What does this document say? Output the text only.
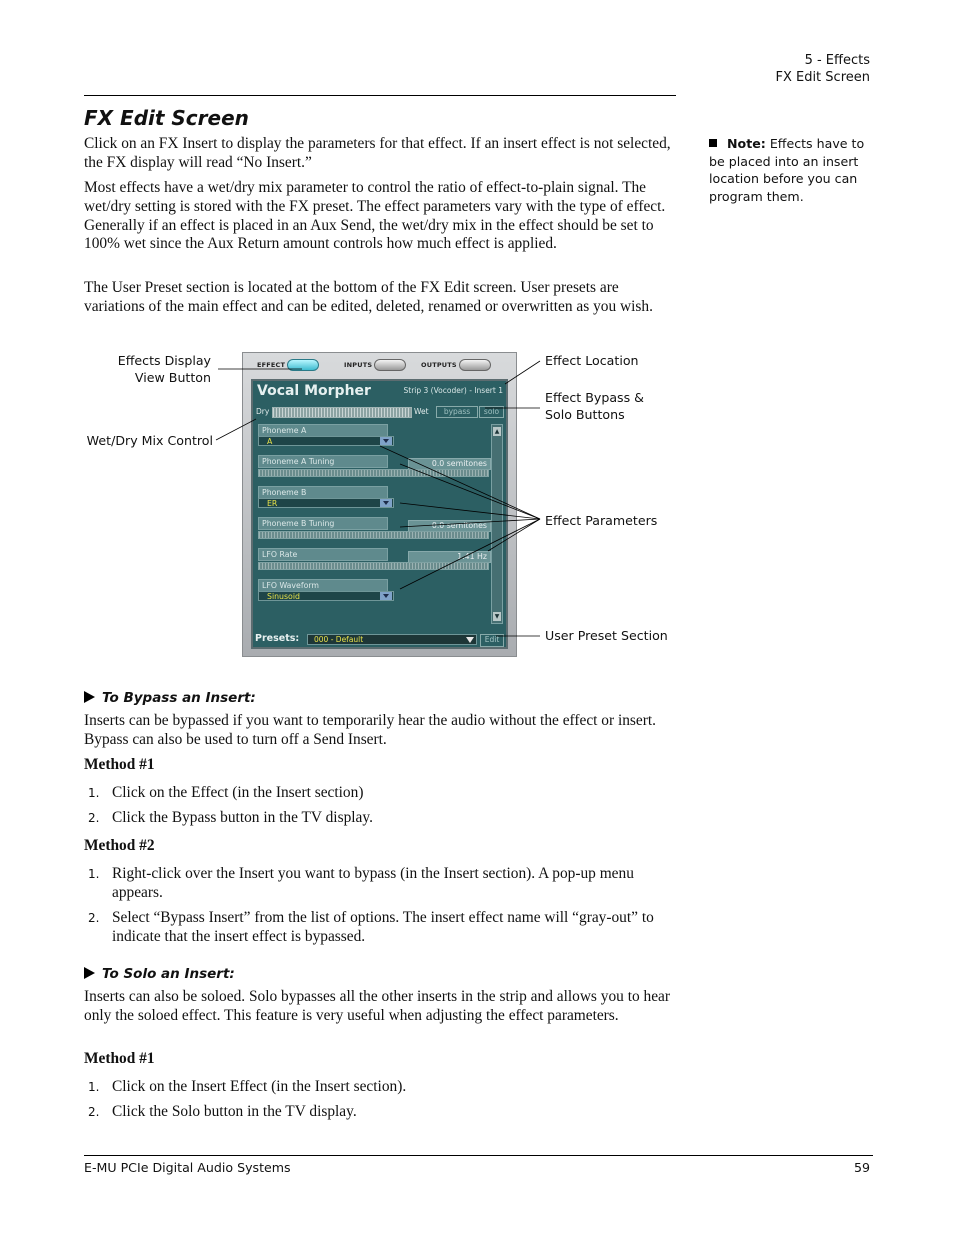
5 - Effects
FX Edit Screen
FX Edit Screen

Click on an FX Insert to display the parameters for that effect. If an insert effect is not selected, the FX display will read “No Insert.”

Most effects have a wet/dry mix parameter to control the ratio of effect-to-plain signal. The wet/dry setting is stored with the FX preset. The effect parameters vary with the type of effect. Generally if an effect is placed in an Aux Send, the wet/dry mix in the effect should be set to 100% wet since the Aux Return amount controls how much effect is applied.

The User Preset section is located at the bottom of the FX Edit screen. User presets are variations of the main effect and can be edited, deleted, renamed or overwritten as you wish.

Note: Effects have to be placed into an insert location before you can program them.
Effects Display
View Button
Wet/Dry Mix Control
Effect Location
Effect Bypass &
Solo Buttons
Effect Parameters
User Preset Section
EFFECT	INPUTS	OUTPUTS
Vocal Morpher	Strip 3 (Vocoder) - Insert 1
Dry	Wet	bypass	solo
Phoneme A
A
Phoneme A Tuning	0.0 semitones
Phoneme B
ER
Phoneme B Tuning	0.0 semitones
LFO Rate	1.41 Hz
LFO Waveform
Sinusoid
▲
▼
Presets:	000 - Default	Edit
To Bypass an Insert:

Inserts can be bypassed if you want to temporarily hear the audio without the effect or insert. Bypass can also be used to turn off a Send Insert.

Method #1
1. Click on the Effect (in the Insert section)
2. Click the Bypass button in the TV display.
Method #2
1. Right-click over the Insert you want to bypass (in the Insert section). A pop-up menu appears.
2. Select “Bypass Insert” from the list of options. The insert effect name will “gray-out” to indicate that the insert effect is bypassed.
To Solo an Insert:

Inserts can also be soloed. Solo bypasses all the other inserts in the strip and allows you to hear only the soloed effect. This feature is very useful when adjusting the effect parameters.

Method #1
1. Click on the Insert Effect (in the Insert section).
2. Click the Solo button in the TV display.
E-MU PCIe Digital Audio Systems	59
